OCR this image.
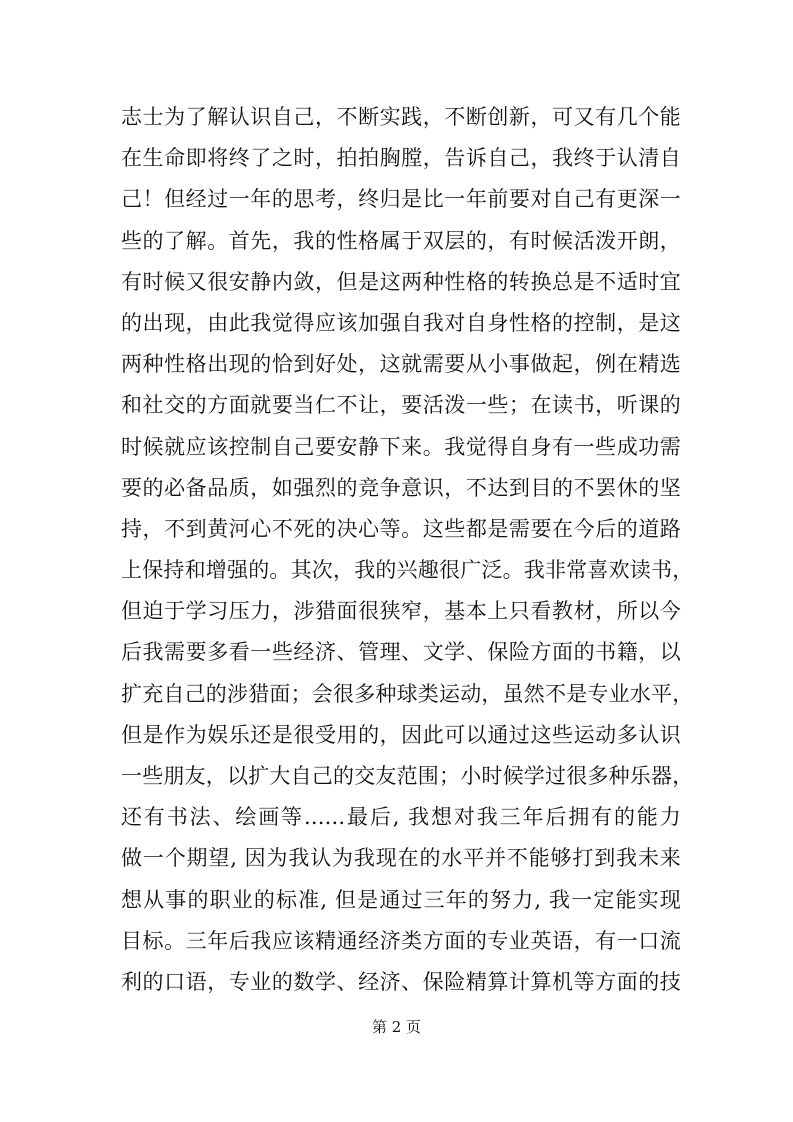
志士为了解认识自己，不断实践，不断创新，可又有几个能
在生命即将终了之时，拍拍胸膛，告诉自己，我终于认清自
己！但经过一年的思考，终归是比一年前要对自己有更深一
些的了解。首先，我的性格属于双层的，有时候活泼开朗，
有时候又很安静内敛，但是这两种性格的转换总是不适时宜
的出现，由此我觉得应该加强自我对自身性格的控制，是这
两种性格出现的恰到好处，这就需要从小事做起，例在精选
和社交的方面就要当仁不让，要活泼一些；在读书，听课的
时候就应该控制自己要安静下来。我觉得自身有一些成功需
要的必备品质，如强烈的竞争意识，不达到目的不罢休的坚
持，不到黄河心不死的决心等。这些都是需要在今后的道路
上保持和增强的。其次，我的兴趣很广泛。我非常喜欢读书，
但迫于学习压力，涉猎面很狭窄，基本上只看教材，所以今
后我需要多看一些经济、管理、文学、保险方面的书籍，以
扩充自己的涉猎面；会很多种球类运动，虽然不是专业水平，
但是作为娱乐还是很受用的，因此可以通过这些运动多认识
一些朋友，以扩大自己的交友范围；小时候学过很多种乐器，
还有书法、绘画等......最后, 我想对我三年后拥有的能力
做一个期望, 因为我认为我现在的水平并不能够打到我未来
想从事的职业的标准, 但是通过三年的努力, 我一定能实现
目标。三年后我应该精通经济类方面的专业英语，有一口流
利的口语，专业的数学、经济、保险精算计算机等方面的技
第 2 页
